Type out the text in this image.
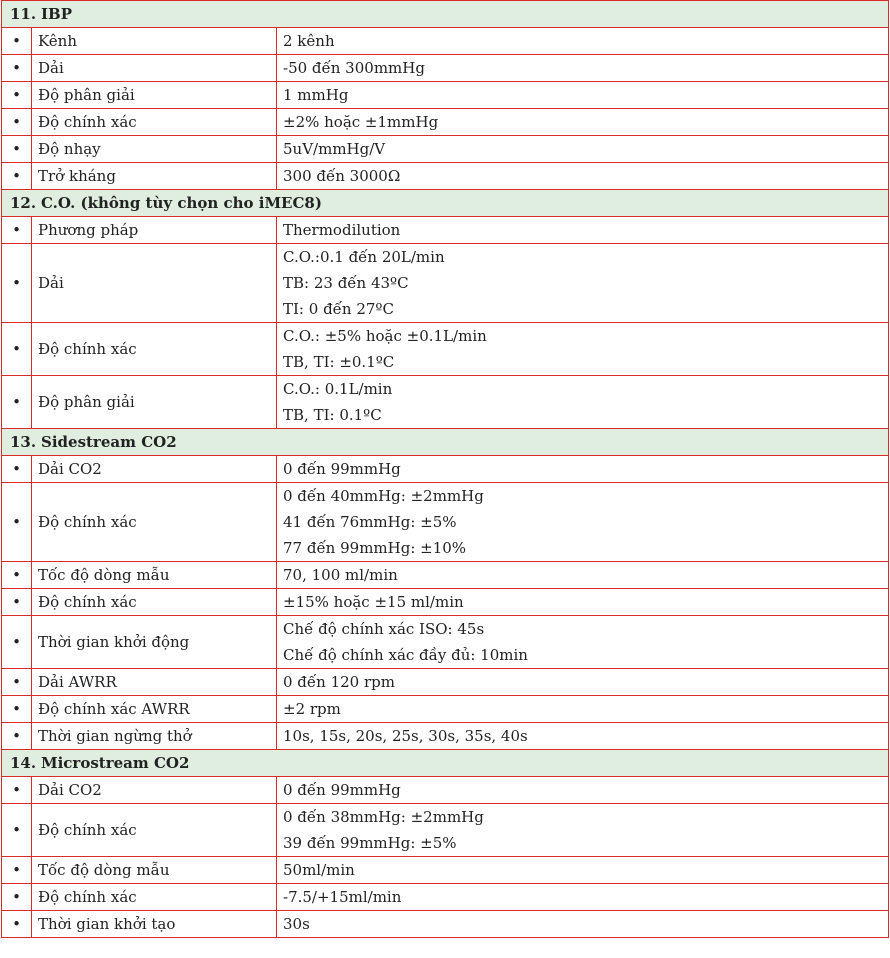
11. IBP		
•	Kênh	2 kênh

•	Dải	-50 đến 300mmHg

•	Độ phân giải	1 mmHg

•	Độ chính xác	±2% hoặc ±1mmHg

•	Độ nhạy	5uV/mmHg/V

•	Trở kháng	300 đến 3000Ω

12. C.O. (không tùy chọn cho iMEC8)		
•	Phương pháp	Thermodilution

•	Dải	C.O.:0.1 đến 20L/min
TB: 23 đến 43ºC
TI: 0 đến 27ºC

•	Độ chính xác	C.O.: ±5% hoặc ±0.1L/min
TB, TI: ±0.1ºC

•	Độ phân giải	C.O.: 0.1L/min
TB, TI: 0.1ºC

13. Sidestream CO2		
•	Dải CO2	0 đến 99mmHg

•	Độ chính xác	0 đến 40mmHg: ±2mmHg
41 đến 76mmHg: ±5%
77 đến 99mmHg: ±10%

•	Tốc độ dòng mẫu	70, 100 ml/min

•	Độ chính xác	±15% hoặc ±15 ml/min

•	Thời gian khởi động	Chế độ chính xác ISO: 45s
Chế độ chính xác đầy đủ: 10min

•	Dải AWRR	0 đến 120 rpm

•	Độ chính xác AWRR	±2 rpm

•	Thời gian ngừng thở	10s, 15s, 20s, 25s, 30s, 35s, 40s

14. Microstream CO2		
•	Dải CO2	0 đến 99mmHg

•	Độ chính xác	0 đến 38mmHg: ±2mmHg
39 đến 99mmHg: ±5%

•	Tốc độ dòng mẫu	50ml/min

•	Độ chính xác	-7.5/+15ml/min

•	Thời gian khởi tạo	30s
